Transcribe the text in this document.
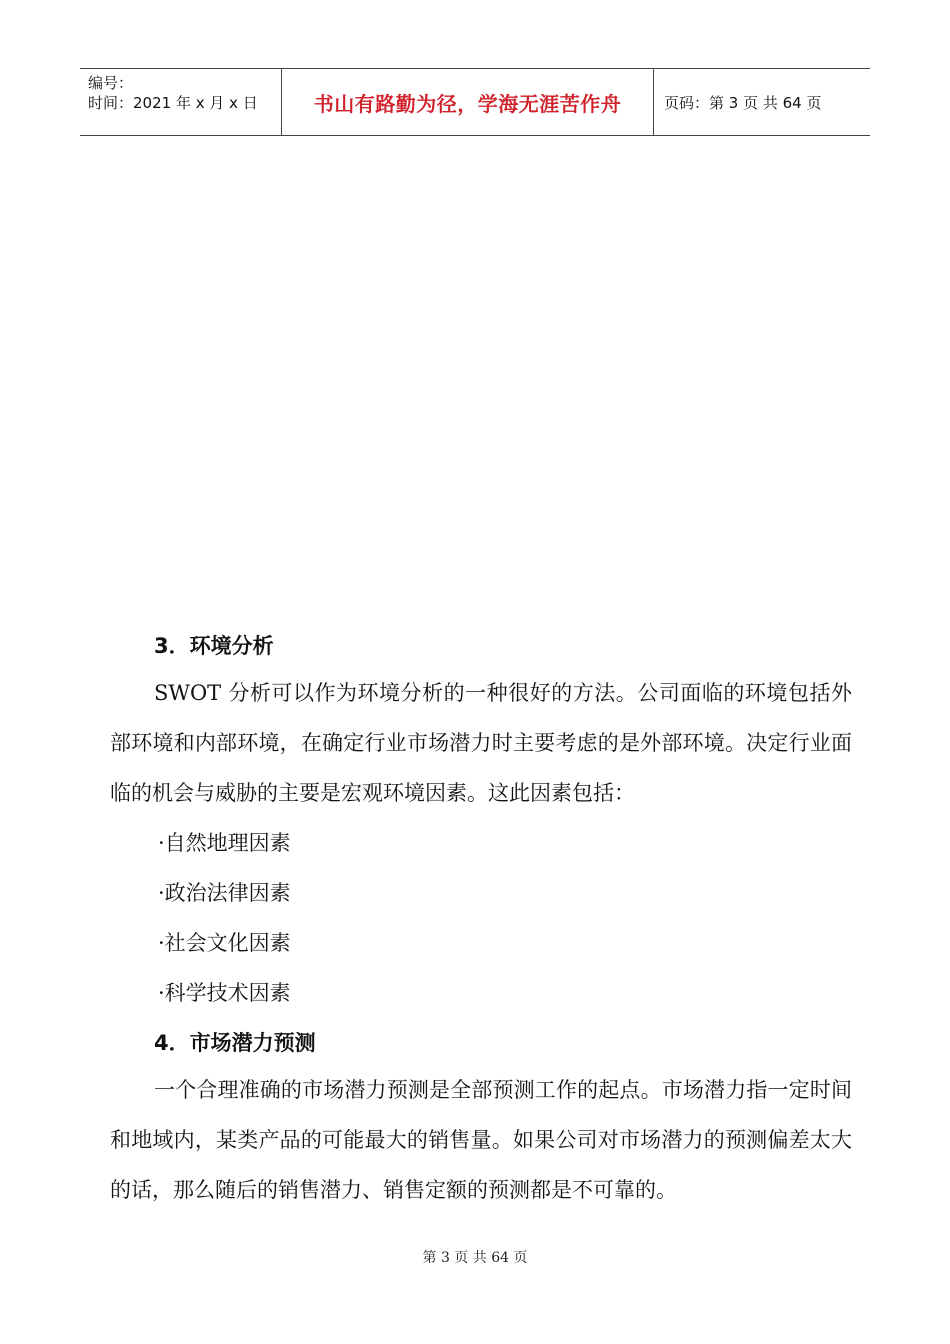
编号：
时间：2021 年 x 月 x 日	书山有路勤为径，学海无涯苦作舟	页码：第 3 页 共 64 页
3．环境分析
SWOT 分析可以作为环境分析的一种很好的方法。公司面临的环境包括外部环境和内部环境，在确定行业市场潜力时主要考虑的是外部环境。决定行业面临的机会与威胁的主要是宏观环境因素。这此因素包括：
·自然地理因素
·政治法律因素
·社会文化因素
·科学技术因素
4．市场潜力预测
一个合理准确的市场潜力预测是全部预测工作的起点。市场潜力指一定时间和地域内，某类产品的可能最大的销售量。如果公司对市场潜力的预测偏差太大的话，那么随后的销售潜力、销售定额的预测都是不可靠的。
第 3 页 共 64 页
